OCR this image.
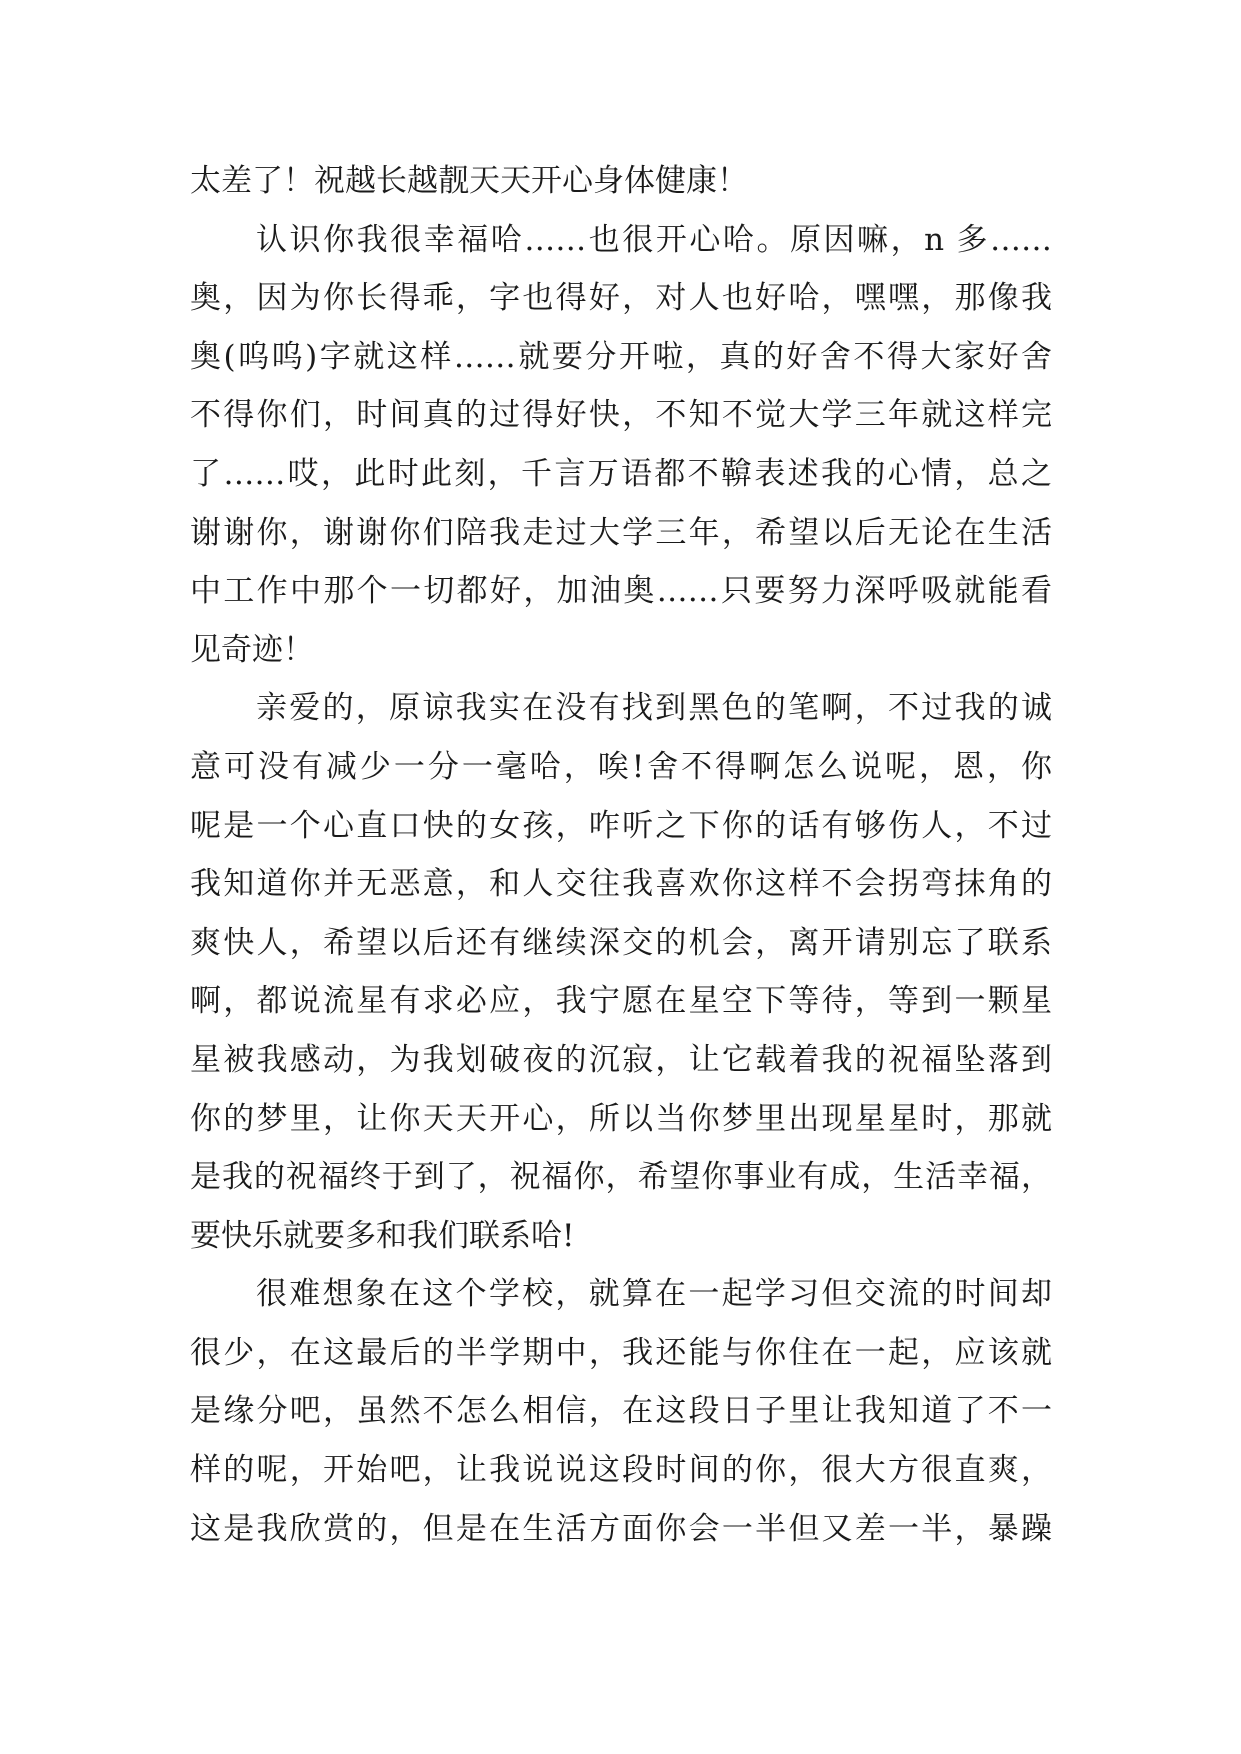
太差了！祝越长越靓天天开心身体健康！
认识你我很幸福哈……也很开心哈。原因嘛，n 多……
奥，因为你长得乖，字也得好，对人也好哈，嘿嘿，那像我
奥(呜呜)字就这样……就要分开啦，真的好舍不得大家好舍
不得你们，时间真的过得好快，不知不觉大学三年就这样完
了……哎，此时此刻，千言万语都不鞥表述我的心情，总之
谢谢你，谢谢你们陪我走过大学三年，希望以后无论在生活
中工作中那个一切都好，加油奥……只要努力深呼吸就能看
见奇迹！
亲爱的，原谅我实在没有找到黑色的笔啊，不过我的诚
意可没有减少一分一毫哈，唉!舍不得啊怎么说呢，恩，你
呢是一个心直口快的女孩，咋听之下你的话有够伤人，不过
我知道你并无恶意，和人交往我喜欢你这样不会拐弯抹角的
爽快人，希望以后还有继续深交的机会，离开请别忘了联系
啊，都说流星有求必应，我宁愿在星空下等待，等到一颗星
星被我感动，为我划破夜的沉寂，让它载着我的祝福坠落到
你的梦里，让你天天开心，所以当你梦里出现星星时，那就
是我的祝福终于到了，祝福你，希望你事业有成，生活幸福，
要快乐就要多和我们联系哈!
很难想象在这个学校，就算在一起学习但交流的时间却
很少，在这最后的半学期中，我还能与你住在一起，应该就
是缘分吧，虽然不怎么相信，在这段日子里让我知道了不一
样的呢，开始吧，让我说说这段时间的你，很大方很直爽，
这是我欣赏的，但是在生活方面你会一半但又差一半，暴躁
